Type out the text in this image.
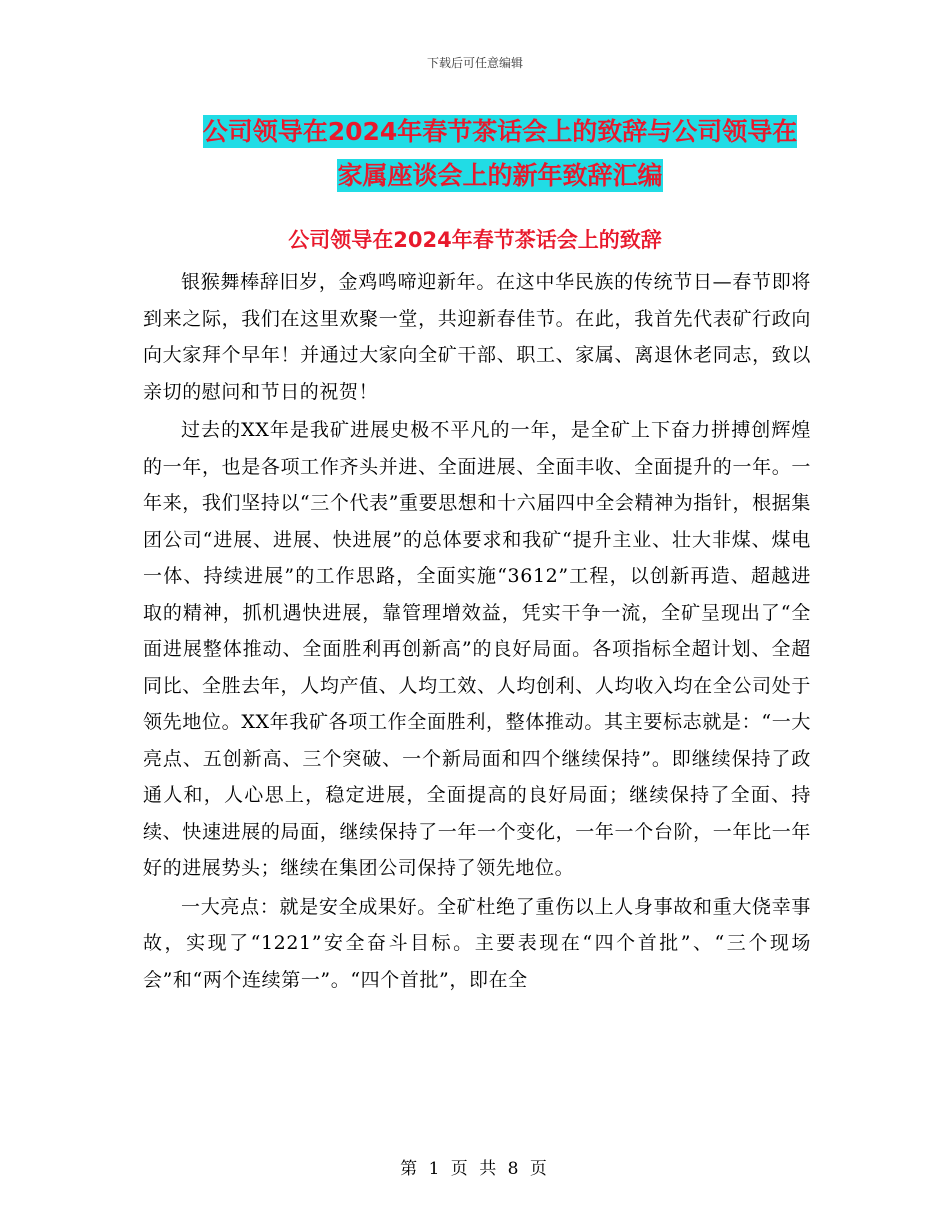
下载后可任意编辑
公司领导在2024年春节茶话会上的致辞与公司领导在
家属座谈会上的新年致辞汇编
公司领导在2024年春节茶话会上的致辞

银猴舞棒辞旧岁，金鸡鸣啼迎新年。在这中华民族的传统节日—春节即将到来之际，我们在这里欢聚一堂，共迎新春佳节。在此，我首先代表矿行政向向大家拜个早年！并通过大家向全矿干部、职工、家属、离退休老同志，致以亲切的慰问和节日的祝贺！

过去的XX年是我矿进展史极不平凡的一年，是全矿上下奋力拼搏创辉煌的一年，也是各项工作齐头并进、全面进展、全面丰收、全面提升的一年。一年来，我们坚持以“三个代表”重要思想和十六届四中全会精神为指针，根据集团公司“进展、进展、快进展”的总体要求和我矿“提升主业、壮大非煤、煤电一体、持续进展”的工作思路，全面实施“3612”工程，以创新再造、超越进取的精神，抓机遇快进展，靠管理增效益，凭实干争一流，全矿呈现出了“全面进展整体推动、全面胜利再创新高”的良好局面。各项指标全超计划、全超同比、全胜去年，人均产值、人均工效、人均创利、人均收入均在全公司处于领先地位。XX年我矿各项工作全面胜利，整体推动。其主要标志就是：“一大亮点、五创新高、三个突破、一个新局面和四个继续保持”。即继续保持了政通人和，人心思上，稳定进展，全面提高的良好局面；继续保持了全面、持续、快速进展的局面，继续保持了一年一个变化，一年一个台阶，一年比一年好的进展势头；继续在集团公司保持了领先地位。

一大亮点：就是安全成果好。全矿杜绝了重伤以上人身事故和重大侥幸事故，实现了“1221”安全奋斗目标。主要表现在“四个首批”、“三个现场会”和“两个连续第一”。“四个首批”，即在全

第 1 页 共 8 页
